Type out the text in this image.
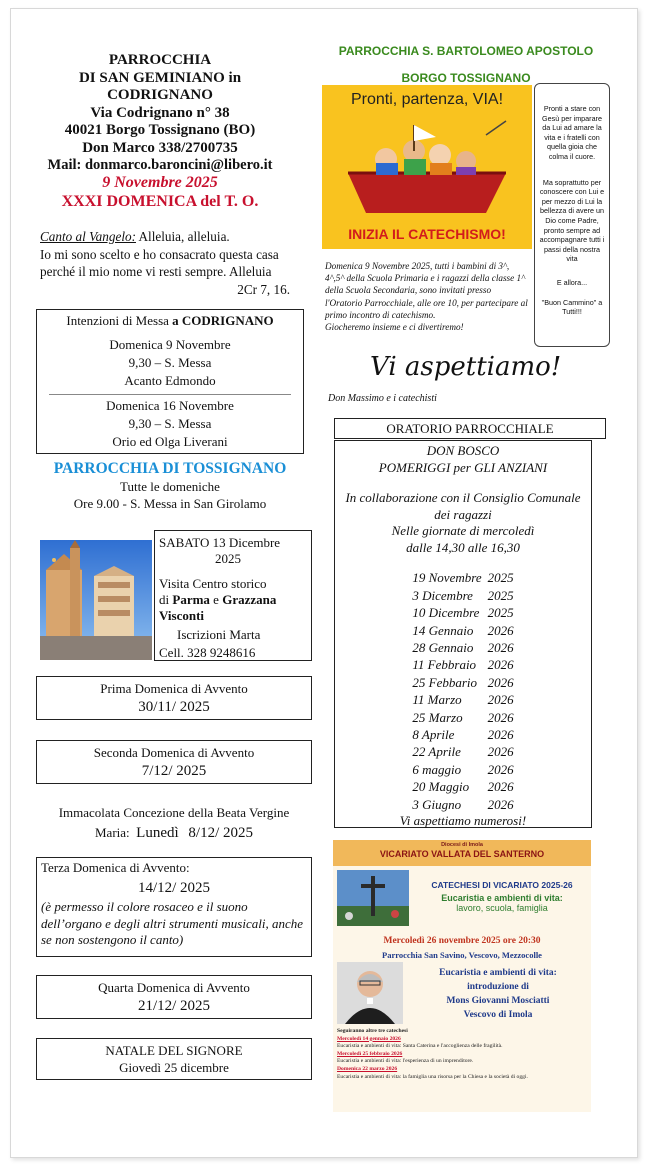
PARROCCHIA
DI SAN GEMINIANO in CODRIGNANO
Via Codrignano n° 38
40021 Borgo Tossignano (BO)
Don Marco 338/2700735
Mail: donmarco.baroncini@libero.it
9 Novembre 2025
XXXI DOMENICA del T. O.
Canto al Vangelo: Alleluia, alleluia.
Io mi sono scelto e ho consacrato questa casa perché il mio nome vi resti sempre. Alleluia
2Cr 7, 16.
Intenzioni di Messa a CODRIGNANO
Domenica 9 Novembre
9,30 – S. Messa
Acanto Edmondo
Domenica 16 Novembre
9,30 – S. Messa
Orio ed Olga Liverani
PARROCCHIA DI TOSSIGNANO
Tutte le domeniche
Ore 9.00 - S. Messa in San Girolamo
SABATO 13 Dicembre
2025
Visita Centro storico
di Parma e Grazzana
Visconti
Iscrizioni Marta
Cell. 328 9248616
Prima Domenica di Avvento
30/11/ 2025
Seconda Domenica di Avvento
7/12/ 2025
Immacolata Concezione della Beata Vergine
Maria: Lunedì 8/12/ 2025
Terza Domenica di Avvento:
14/12/ 2025
(è permesso il colore rosaceo e il suono dell’organo e degli altri strumenti musicali, anche se non sostengono il canto)
Quarta Domenica di Avvento
21/12/ 2025
NATALE DEL SIGNORE
Giovedì 25 dicembre
PARROCCHIA S. BARTOLOMEO APOSTOLO
BORGO TOSSIGNANO
Pronti, partenza, VIA!
INIZIA IL CATECHISMO!

Pronti a stare con Gesù per imparare da Lui ad amare la vita e i fratelli con quella gioia che colma il cuore.

Ma soprattutto per conoscere con Lui e per mezzo di Lui la bellezza di avere un Dio come Padre, pronto sempre ad accompagnare tutti i passi della nostra vita

E allora...

"Buon Cammino" a Tutti!!!

Domenica 9 Novembre 2025, tutti i bambini di 3^, 4^,5^ della Scuola Primaria e i ragazzi della classe 1^ della Scuola Secondaria, sono invitati presso l'Oratorio Parrocchiale, alle ore 10, per partecipare al primo incontro di catechismo.
Giocheremo insieme e ci divertiremo!
Vi aspettiamo!
Don Massimo e i catechisti
ORATORIO PARROCCHIALE
DON BOSCO
POMERIGGI per GLI ANZIANI
In collaborazione con il Consiglio Comunale
dei ragazzi
Nelle giornate di mercoledì
dalle 14,30 alle 16,30
19 Novembre	2025
3 Dicembre	2025
10 Dicembre	2025
14 Gennaio	2026
28 Gennaio	2026
11 Febbraio	2026
25 Febbario	2026
11 Marzo	2026
25 Marzo	2026
8 Aprile	2026
22 Aprile	2026
6 maggio	2026
20 Maggio	2026
3 Giugno	2026
Vi aspettiamo numerosi!
Diocesi di Imola
VICARIATO VALLATA DEL SANTERNO
CATECHESI DI VICARIATO 2025-26
Eucaristia e ambienti di vita:
lavoro, scuola, famiglia
Mercoledì 26 novembre 2025 ore 20:30
Parrocchia San Savino, Vescovo, Mezzocolle
Eucaristia e ambienti di vita:
introduzione di
Mons Giovanni Mosciatti
Vescovo di Imola
Seguiranno altre tre catechesi
Mercoledì 14 gennaio 2026
Eucaristia e ambienti di vita: Santa Caterina e l'accoglienza delle fragilità.
Mercoledì 25 febbraio 2026
Eucaristia e ambienti di vita: l'esperienza di un imprenditore.
Domenica 22 marzo 2026
Eucaristia e ambienti di vita: la famiglia una risorsa per la Chiesa e la società di oggi.
